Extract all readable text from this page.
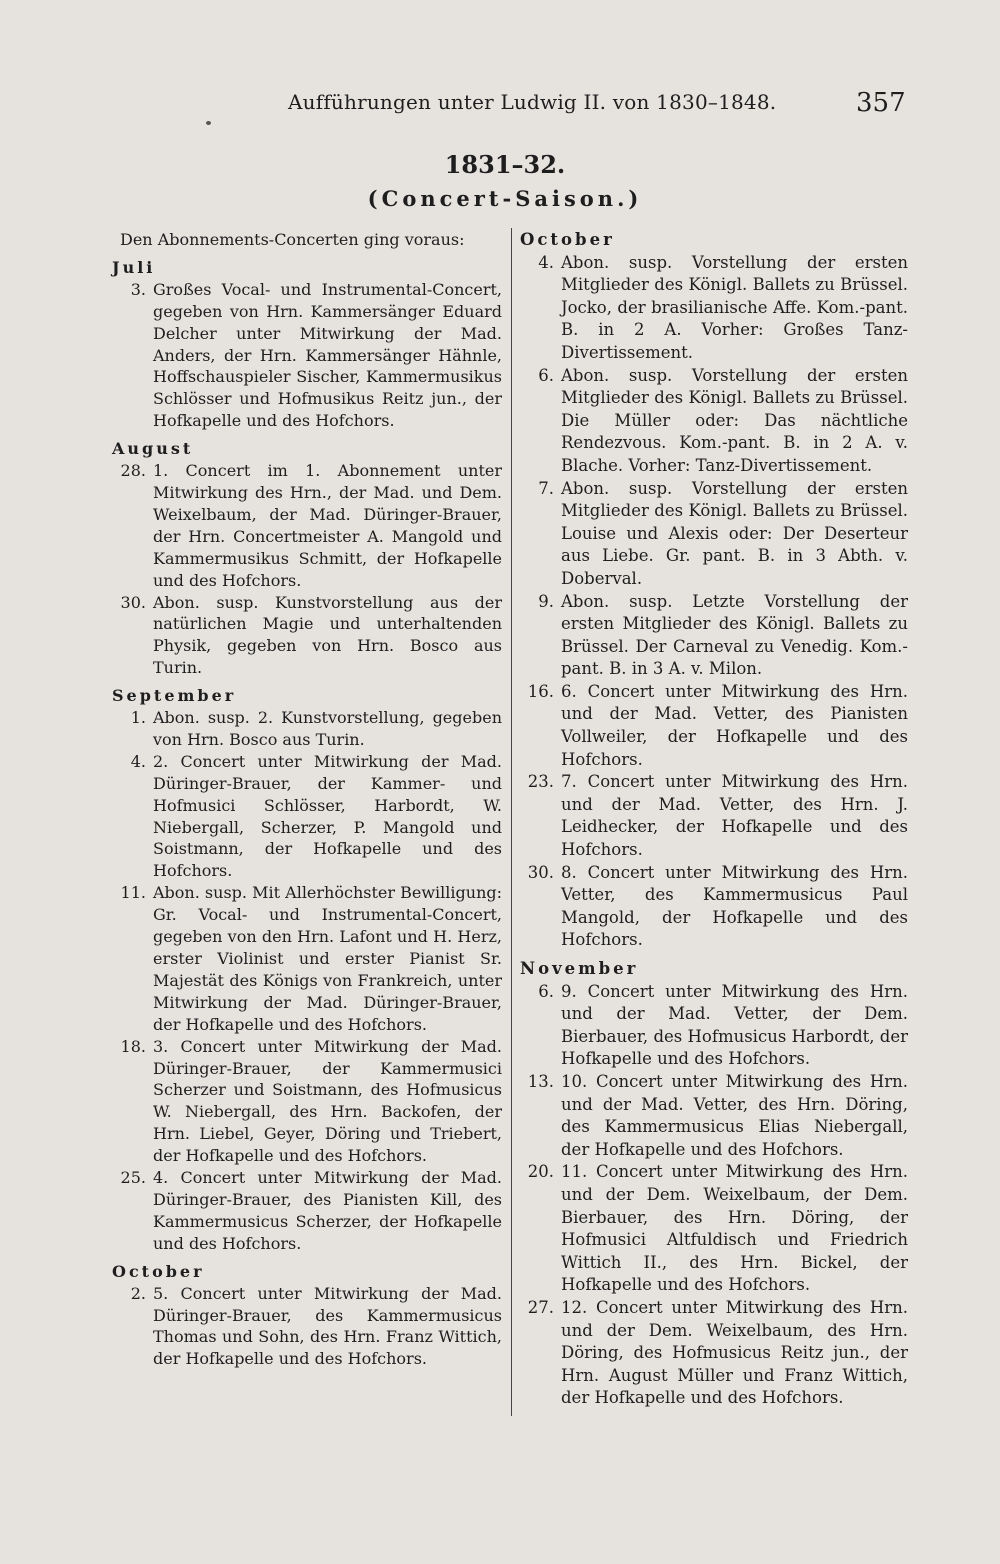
Aufführungen unter Ludwig II. von 1830–1848.	357
1831–32.
(Concert-Saison.)
Den Abonnements-Concerten ging voraus:
Juli
3. Großes Vocal- und Instrumental-Concert, gegeben von Hrn. Kammersänger Eduard Delcher unter Mitwirkung der Mad. Anders, der Hrn. Kammersänger Hähnle, Hoffschauspieler Sischer, Kammermusikus Schlösser und Hofmusikus Reitz jun., der Hofkapelle und des Hofchors.
August
28. 1. Concert im 1. Abonnement unter Mitwirkung des Hrn., der Mad. und Dem. Weixelbaum, der Mad. Düringer-Brauer, der Hrn. Concertmeister A. Mangold und Kammermusikus Schmitt, der Hofkapelle und des Hofchors.
30. Abon. susp. Kunstvorstellung aus der natürlichen Magie und unterhaltenden Physik, gegeben von Hrn. Bosco aus Turin.
September
1. Abon. susp. 2. Kunstvorstellung, gegeben von Hrn. Bosco aus Turin.
4. 2. Concert unter Mitwirkung der Mad. Düringer-Brauer, der Kammer- und Hofmusici Schlösser, Harbordt, W. Niebergall, Scherzer, P. Mangold und Soistmann, der Hofkapelle und des Hofchors.
11. Abon. susp. Mit Allerhöchster Bewilligung: Gr. Vocal- und Instrumental-Concert, gegeben von den Hrn. Lafont und H. Herz, erster Violinist und erster Pianist Sr. Majestät des Königs von Frankreich, unter Mitwirkung der Mad. Düringer-Brauer, der Hofkapelle und des Hofchors.
18. 3. Concert unter Mitwirkung der Mad. Düringer-Brauer, der Kammermusici Scherzer und Soistmann, des Hofmusicus W. Niebergall, des Hrn. Backofen, der Hrn. Liebel, Geyer, Döring und Triebert, der Hofkapelle und des Hofchors.
25. 4. Concert unter Mitwirkung der Mad. Düringer-Brauer, des Pianisten Kill, des Kammermusicus Scherzer, der Hofkapelle und des Hofchors.
October
2. 5. Concert unter Mitwirkung der Mad. Düringer-Brauer, des Kammermusicus Thomas und Sohn, des Hrn. Franz Wittich, der Hofkapelle und des Hofchors.
October
4. Abon. susp. Vorstellung der ersten Mitglieder des Königl. Ballets zu Brüssel. Jocko, der brasilianische Affe. Kom.-pant. B. in 2 A. Vorher: Großes Tanz-Divertissement.
6. Abon. susp. Vorstellung der ersten Mitglieder des Königl. Ballets zu Brüssel. Die Müller oder: Das nächtliche Rendezvous. Kom.-pant. B. in 2 A. v. Blache. Vorher: Tanz-Divertissement.
7. Abon. susp. Vorstellung der ersten Mitglieder des Königl. Ballets zu Brüssel. Louise und Alexis oder: Der Deserteur aus Liebe. Gr. pant. B. in 3 Abth. v. Doberval.
9. Abon. susp. Letzte Vorstellung der ersten Mitglieder des Königl. Ballets zu Brüssel. Der Carneval zu Venedig. Kom.-pant. B. in 3 A. v. Milon.
16. 6. Concert unter Mitwirkung des Hrn. und der Mad. Vetter, des Pianisten Vollweiler, der Hofkapelle und des Hofchors.
23. 7. Concert unter Mitwirkung des Hrn. und der Mad. Vetter, des Hrn. J. Leidhecker, der Hofkapelle und des Hofchors.
30. 8. Concert unter Mitwirkung des Hrn. Vetter, des Kammermusicus Paul Mangold, der Hofkapelle und des Hofchors.
November
6. 9. Concert unter Mitwirkung des Hrn. und der Mad. Vetter, der Dem. Bierbauer, des Hofmusicus Harbordt, der Hofkapelle und des Hofchors.
13. 10. Concert unter Mitwirkung des Hrn. und der Mad. Vetter, des Hrn. Döring, des Kammermusicus Elias Niebergall, der Hofkapelle und des Hofchors.
20. 11. Concert unter Mitwirkung des Hrn. und der Dem. Weixelbaum, der Dem. Bierbauer, des Hrn. Döring, der Hofmusici Altfuldisch und Friedrich Wittich II., des Hrn. Bickel, der Hofkapelle und des Hofchors.
27. 12. Concert unter Mitwirkung des Hrn. und der Dem. Weixelbaum, des Hrn. Döring, des Hofmusicus Reitz jun., der Hrn. August Müller und Franz Wittich, der Hofkapelle und des Hofchors.
